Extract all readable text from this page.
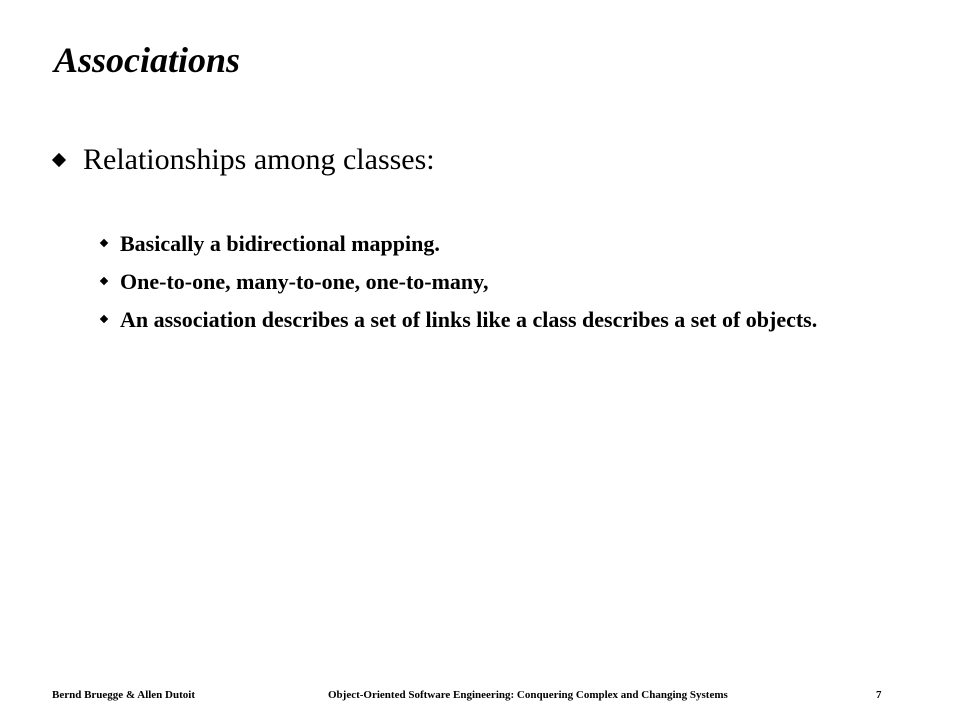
Associations
Relationships among classes:
Basically a bidirectional mapping.
One-to-one, many-to-one, one-to-many,
An association describes a set of links like a class describes a set of objects.
Bernd Bruegge & Allen Dutoit	Object-Oriented Software Engineering: Conquering Complex and Changing Systems	7
